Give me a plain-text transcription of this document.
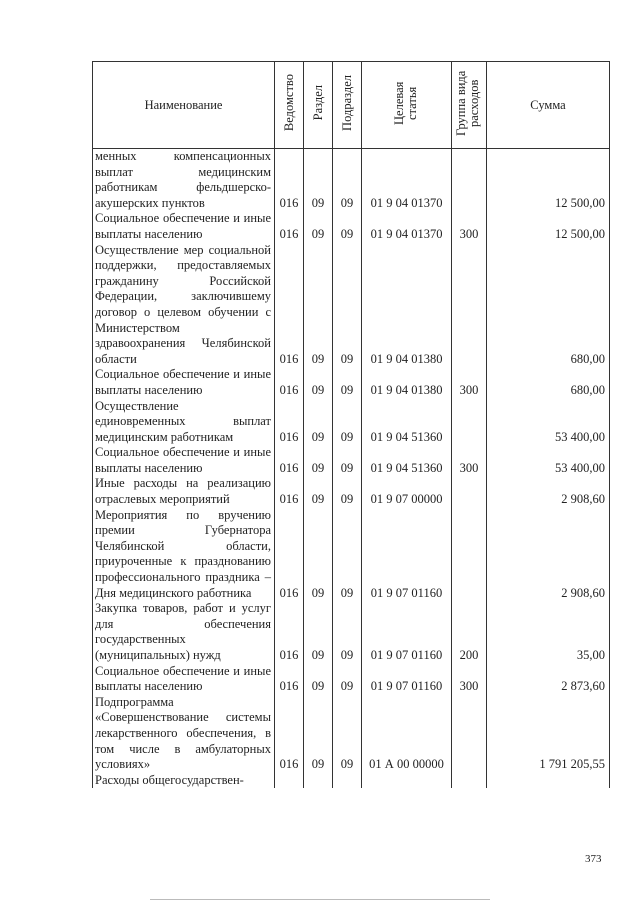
Наименование	Ведомство	Раздел	Подраздел	Целевая статья	Группа вида расходов	Сумма
менных компенсационных выплат медицинским работникам фельдшерско-акушерских пунктов	016	09	09	01 9 04 01370		12 500,00
Социальное обеспечение и иные выплаты населению	016	09	09	01 9 04 01370	300	12 500,00
Осуществление мер социальной поддержки, предоставляемых гражданину Российской Федерации, заключившему договор о целевом обучении с Министерством здравоохранения Челябинской области	016	09	09	01 9 04 01380		680,00
Социальное обеспечение и иные выплаты населению	016	09	09	01 9 04 01380	300	680,00
Осуществление единовременных выплат медицинским работникам	016	09	09	01 9 04 51360		53 400,00
Социальное обеспечение и иные выплаты населению	016	09	09	01 9 04 51360	300	53 400,00
Иные расходы на реализацию отраслевых мероприятий	016	09	09	01 9 07 00000		2 908,60
Мероприятия по вручению премии Губернатора Челябинской области, приуроченные к празднованию профессионального праздника – Дня медицинского работника	016	09	09	01 9 07 01160		2 908,60
Закупка товаров, работ и услуг для обеспечения государственных (муниципальных) нужд	016	09	09	01 9 07 01160	200	35,00
Социальное обеспечение и иные выплаты населению	016	09	09	01 9 07 01160	300	2 873,60
Подпрограмма «Совершенствование системы лекарственного обеспечения, в том числе в амбулаторных условиях»	016	09	09	01 А 00 00000		1 791 205,55
Расходы общегосударствен-						
373
